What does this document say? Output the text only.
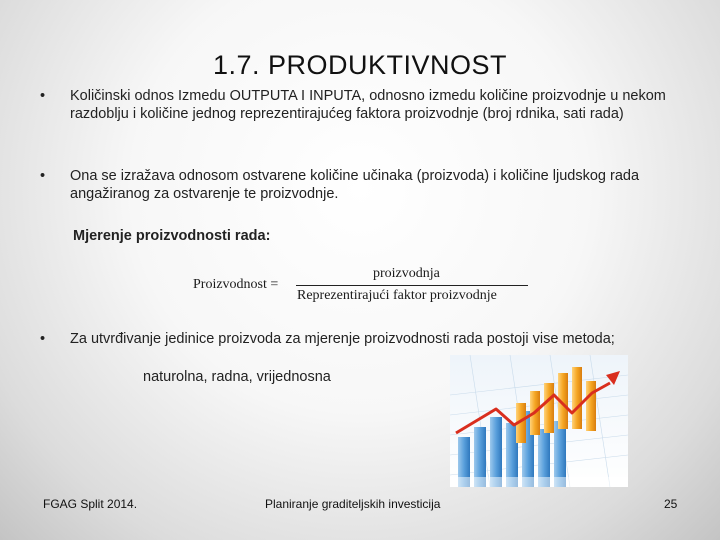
1.7. PRODUKTIVNOST
• Količinski odnos Izmedu OUTPUTA I INPUTA, odnosno izmedu količine proizvodnje u nekom razdoblju i količine jednog reprezentirajućeg faktora proizvodnje (broj rdnika, sati rada)
• Ona se izražava odnosom ostvarene količine učinaka (proizvoda) i količine ljudskog rada angažiranog za ostvarenje te proizvodnje.
Mjerenje proizvodnosti rada:
Proizvodnost =
proizvodnja
Reprezentirajući faktor proizvodnje
• Za utvrđivanje jedinice proizvoda za mjerenje proizvodnosti rada postoji vise metoda;
naturolna, radna, vrijednosna
FGAG Split 2014.	Planiranje graditeljskih investicija	25
